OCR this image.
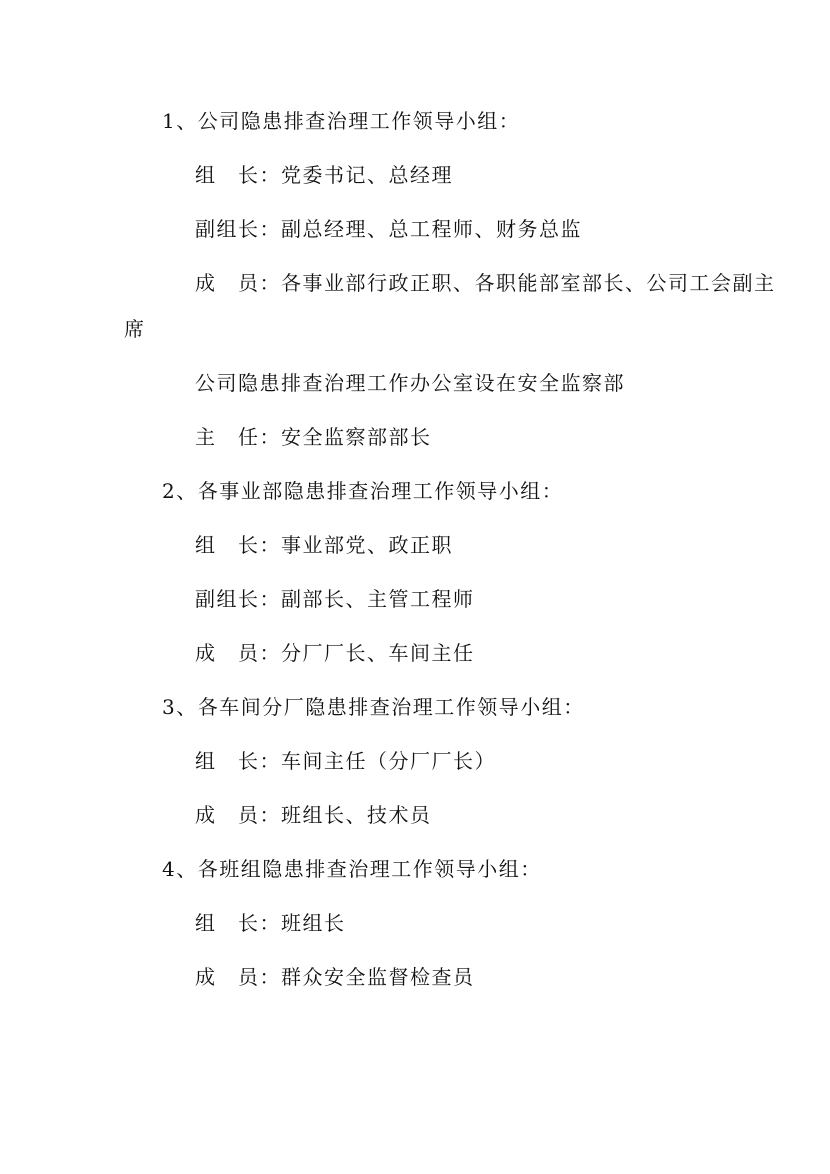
1、公司隐患排查治理工作领导小组：
组　长：党委书记、总经理
副组长：副总经理、总工程师、财务总监
成　员：各事业部行政正职、各职能部室部长、公司工会副主
席
公司隐患排查治理工作办公室设在安全监察部
主　任：安全监察部部长
2、各事业部隐患排查治理工作领导小组：
组　长：事业部党、政正职
副组长：副部长、主管工程师
成　员：分厂厂长、车间主任
3、各车间分厂隐患排查治理工作领导小组：
组　长：车间主任（分厂厂长）
成　员：班组长、技术员
4、各班组隐患排查治理工作领导小组：
组　长：班组长
成　员：群众安全监督检查员
